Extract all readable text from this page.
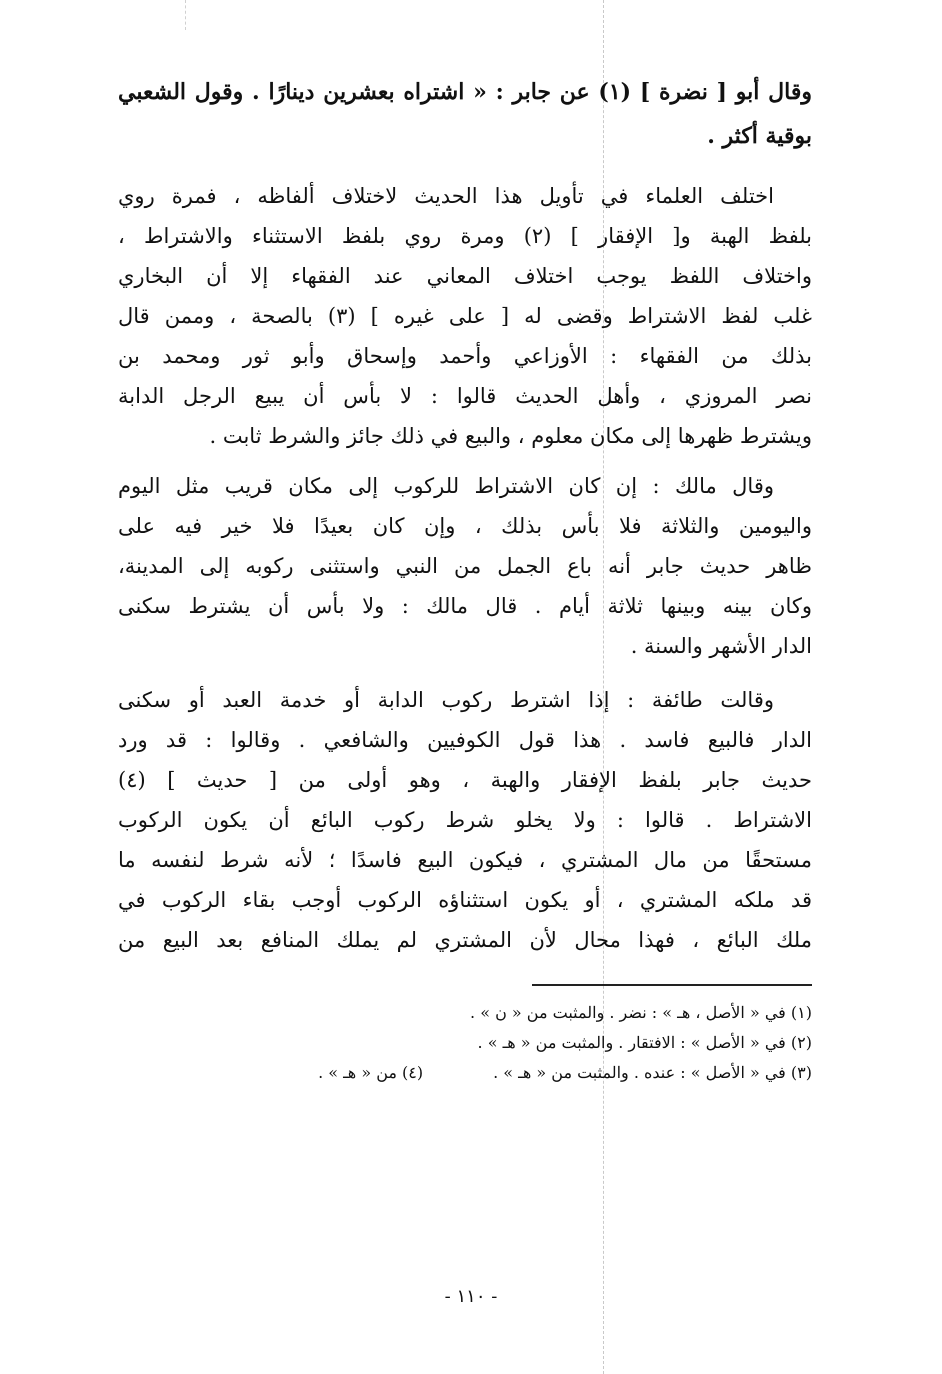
وقال أبو [ نضرة ] (١) عن جابر : « اشتراه بعشرين دينارًا . وقول الشعبي
بوقية أكثر .
اختلف العلماء في تأويل هذا الحديث لاختلاف ألفاظه ، فمرة روي
بلفظ الهبة و[ الإفقار ] (٢) ومرة روي بلفظ الاستثناء والاشتراط ،
واختلاف اللفظ يوجب اختلاف المعاني عند الفقهاء إلا أن البخاري
غلب لفظ الاشتراط وقضى له [ على غيره ] (٣) بالصحة ، وممن قال
بذلك من الفقهاء : الأوزاعي وأحمد وإسحاق وأبو ثور ومحمد بن
نصر المروزي ، وأهل الحديث قالوا : لا بأس أن يبيع الرجل الدابة
ويشترط ظهرها إلى مكان معلوم ، والبيع في ذلك جائز والشرط ثابت .
وقال مالك : إن كان الاشتراط للركوب إلى مكان قريب مثل اليوم
واليومين والثلاثة فلا بأس بذلك ، وإن كان بعيدًا فلا خير فيه على
ظاهر حديث جابر أنه باع الجمل من النبي واستثنى ركوبه إلى المدينة،
وكان بينه وبينها ثلاثة أيام . قال مالك : ولا بأس أن يشترط سكنى
الدار الأشهر والسنة .
وقالت طائفة : إذا اشترط ركوب الدابة أو خدمة العبد أو سكنى
الدار فالبيع فاسد . هذا قول الكوفيين والشافعي . وقالوا : قد ورد
حديث جابر بلفظ الإفقار والهبة ، وهو أولى من [ حديث ] (٤)
الاشتراط . قالوا : ولا يخلو شرط ركوب البائع أن يكون الركوب
مستحقًا من مال المشتري ، فيكون البيع فاسدًا ؛ لأنه شرط لنفسه ما
قد ملكه المشتري ، أو يكون استثناؤه الركوب أوجب بقاء الركوب في
ملك البائع ، فهذا محال لأن المشتري لم يملك المنافع بعد البيع من
(١) في « الأصل ، هـ » : نضر . والمثبت من « ن » .
(٢) في « الأصل » : الافتقار . والمثبت من « هـ » .
(٣) في « الأصل » : عنده . والمثبت من « هـ » .(٤) من « هـ » .
- ١١٠ -
